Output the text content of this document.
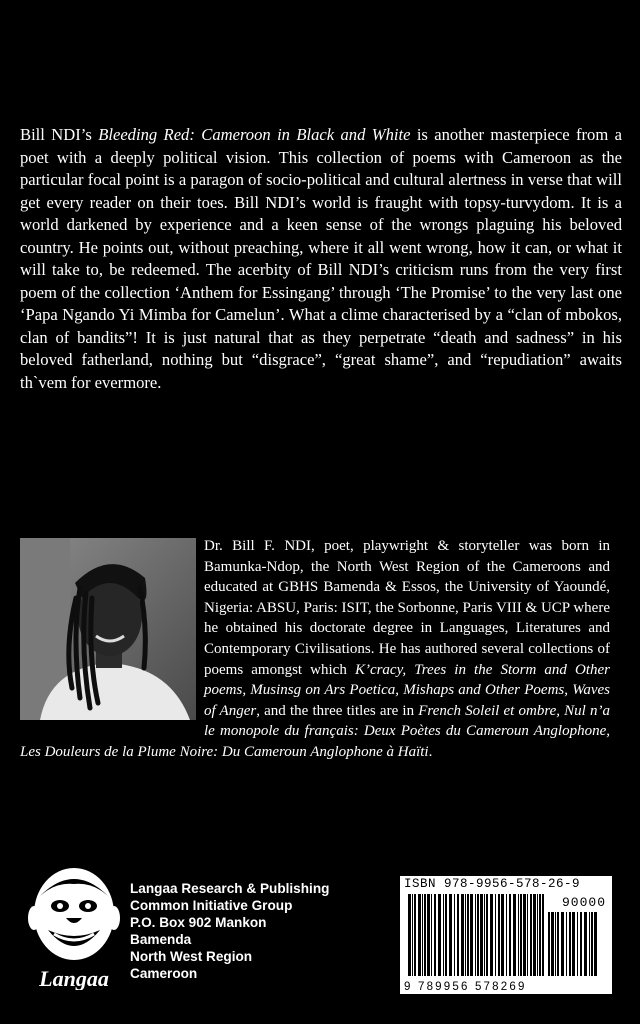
Bill NDI’s Bleeding Red: Cameroon in Black and White is another masterpiece from a poet with a deeply political vision. This collection of poems with Cameroon as the particular focal point is a paragon of socio-political and cultural alertness in verse that will get every reader on their toes. Bill NDI’s world is fraught with topsy-turvydom. It is a world darkened by experience and a keen sense of the wrongs plaguing his beloved country. He points out, without preaching, where it all went wrong, how it can, or what it will take to, be redeemed. The acerbity of Bill NDI’s criticism runs from the very first poem of the collection ‘Anthem for Essingang’ through ‘The Promise’ to the very last one ‘Papa Ngando Yi Mimba for Camelun’. What a clime characterised by a “clan of mbokos, clan of bandits”! It is just natural that as they perpetrate “death and sadness” in his beloved fatherland, nothing but “disgrace”, “great shame”, and “repudiation” awaits th`vem for evermore.

Dr. Bill F. NDI, poet, playwright & storyteller was born in Bamunka-Ndop, the North West Region of the Cameroons and educated at GBHS Bamenda & Essos, the University of Yaoundé, Nigeria: ABSU, Paris: ISIT, the Sorbonne, Paris VIII & UCP where he obtained his doctorate degree in Languages, Literatures and Contemporary Civilisations. He has authored several collections of poems amongst which K’cracy, Trees in the Storm and Other poems, Musinsg on Ars Poetica, Mishaps and Other Poems, Waves of Anger, and the three titles are in French Soleil et ombre, Nul n’a le monopole du français: Deux Poètes du Cameroun Anglophone, Les Douleurs de la Plume Noire: Du Cameroun Anglophone à Haïti.

Langaa
Langaa Research & Publishing
Common Initiative Group
P.O. Box 902 Mankon
Bamenda
North West Region
Cameroon
ISBN 978-9956-578-26-9
90000
9 789956 578269
